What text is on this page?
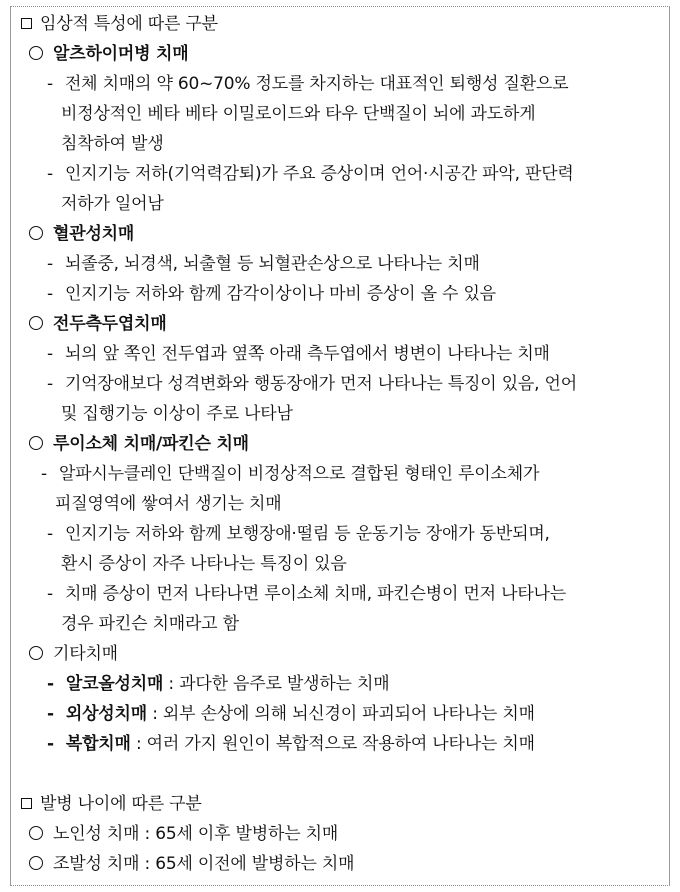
임상적 특성에 따른 구분
알츠하이머병 치매
- 전체 치매의 약 60~70% 정도를 차지하는 대표적인 퇴행성 질환으로
비정상적인 베타 베타 이밀로이드와 타우 단백질이 뇌에 과도하게
침착하여 발생
- 인지기능 저하(기억력감퇴)가 주요 증상이며 언어·시공간 파악, 판단력
저하가 일어남
혈관성치매
- 뇌졸중, 뇌경색, 뇌출혈 등 뇌혈관손상으로 나타나는 치매
- 인지기능 저하와 함께 감각이상이나 마비 증상이 올 수 있음
전두측두엽치매
- 뇌의 앞 쪽인 전두엽과 옆쪽 아래 측두엽에서 병변이 나타나는 치매
- 기억장애보다 성격변화와 행동장애가 먼저 나타나는 특징이 있음, 언어
및 집행기능 이상이 주로 나타남
루이소체 치매/파킨슨 치매
- 알파시누클레인 단백질이 비정상적으로 결합된 형태인 루이소체가
피질영역에 쌓여서 생기는 치매
- 인지기능 저하와 함께 보행장애·떨림 등 운동기능 장애가 동반되며,
환시 증상이 자주 나타나는 특징이 있음
- 치매 증상이 먼저 나타나면 루이소체 치매, 파킨슨병이 먼저 나타나는
경우 파킨슨 치매라고 함
기타치매
- 알코올성치매 : 과다한 음주로 발생하는 치매
- 외상성치매 : 외부 손상에 의해 뇌신경이 파괴되어 나타나는 치매
- 복합치매 : 여러 가지 원인이 복합적으로 작용하여 나타나는 치매
발병 나이에 따른 구분
노인성 치매 : 65세 이후 발병하는 치매
조발성 치매 : 65세 이전에 발병하는 치매
